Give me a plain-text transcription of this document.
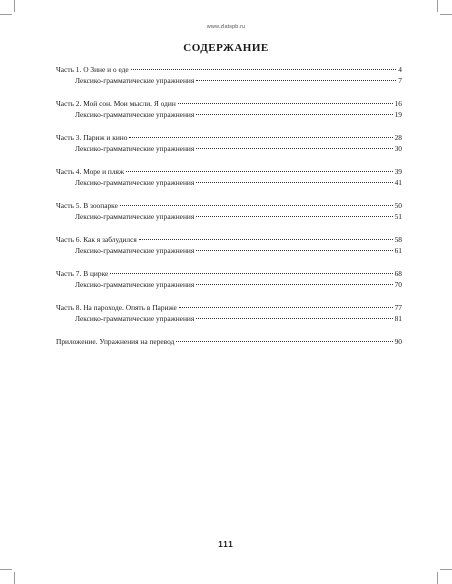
www.zlatspb.ru
СОДЕРЖАНИЕ
Часть 1. О Зине и о еде	4
Лексико-грамматические упражнения	7
Часть 2. Мой сон. Мои мысли. Я один	16
Лексико-грамматические упражнения	19
Часть 3. Париж и кино	28
Лексико-грамматические упражнения	30
Часть 4. Море и пляж	39
Лексико-грамматические упражнения	41
Часть 5. В зоопарке	50
Лексико-грамматические упражнения	51
Часть 6. Как я заблудился	58
Лексико-грамматические упражнения	61
Часть 7. В цирке	68
Лексико-грамматические упражнения	70
Часть 8. На пароходе. Опять в Париже	77
Лексико-грамматические упражнения	81
Приложение. Упражнения на перевод	90
111
